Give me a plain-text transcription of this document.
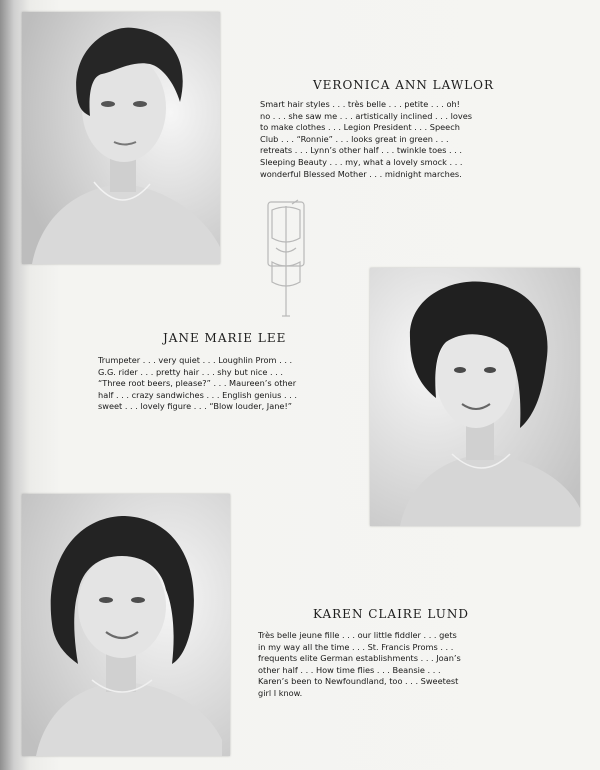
VERONICA ANN LAWLOR

Smart hair styles . . . très belle . . . petite . . . oh!
no . . . she saw me . . . artistically inclined . . . loves
to make clothes . . . Legion President . . . Speech
Club . . . “Ronnie” . . . looks great in green . . .
retreats . . . Lynn’s other half . . . twinkle toes . . .
Sleeping Beauty . . . my, what a lovely smock . . .
wonderful Blessed Mother . . . midnight marches.

JANE MARIE LEE

Trumpeter . . . very quiet . . . Loughlin Prom . . .
G.G. rider . . . pretty hair . . . shy but nice . . .
“Three root beers, please?” . . . Maureen’s other
half . . . crazy sandwiches . . . English genius . . .
sweet . . . lovely figure . . . “Blow louder, Jane!”

KAREN CLAIRE LUND

Très belle jeune fille . . . our little fiddler . . . gets
in my way all the time . . . St. Francis Proms . . .
frequents elite German establishments . . . Joan’s
other half . . . How time flies . . . Beansie . . .
Karen’s been to Newfoundland, too . . . Sweetest
girl I know.
